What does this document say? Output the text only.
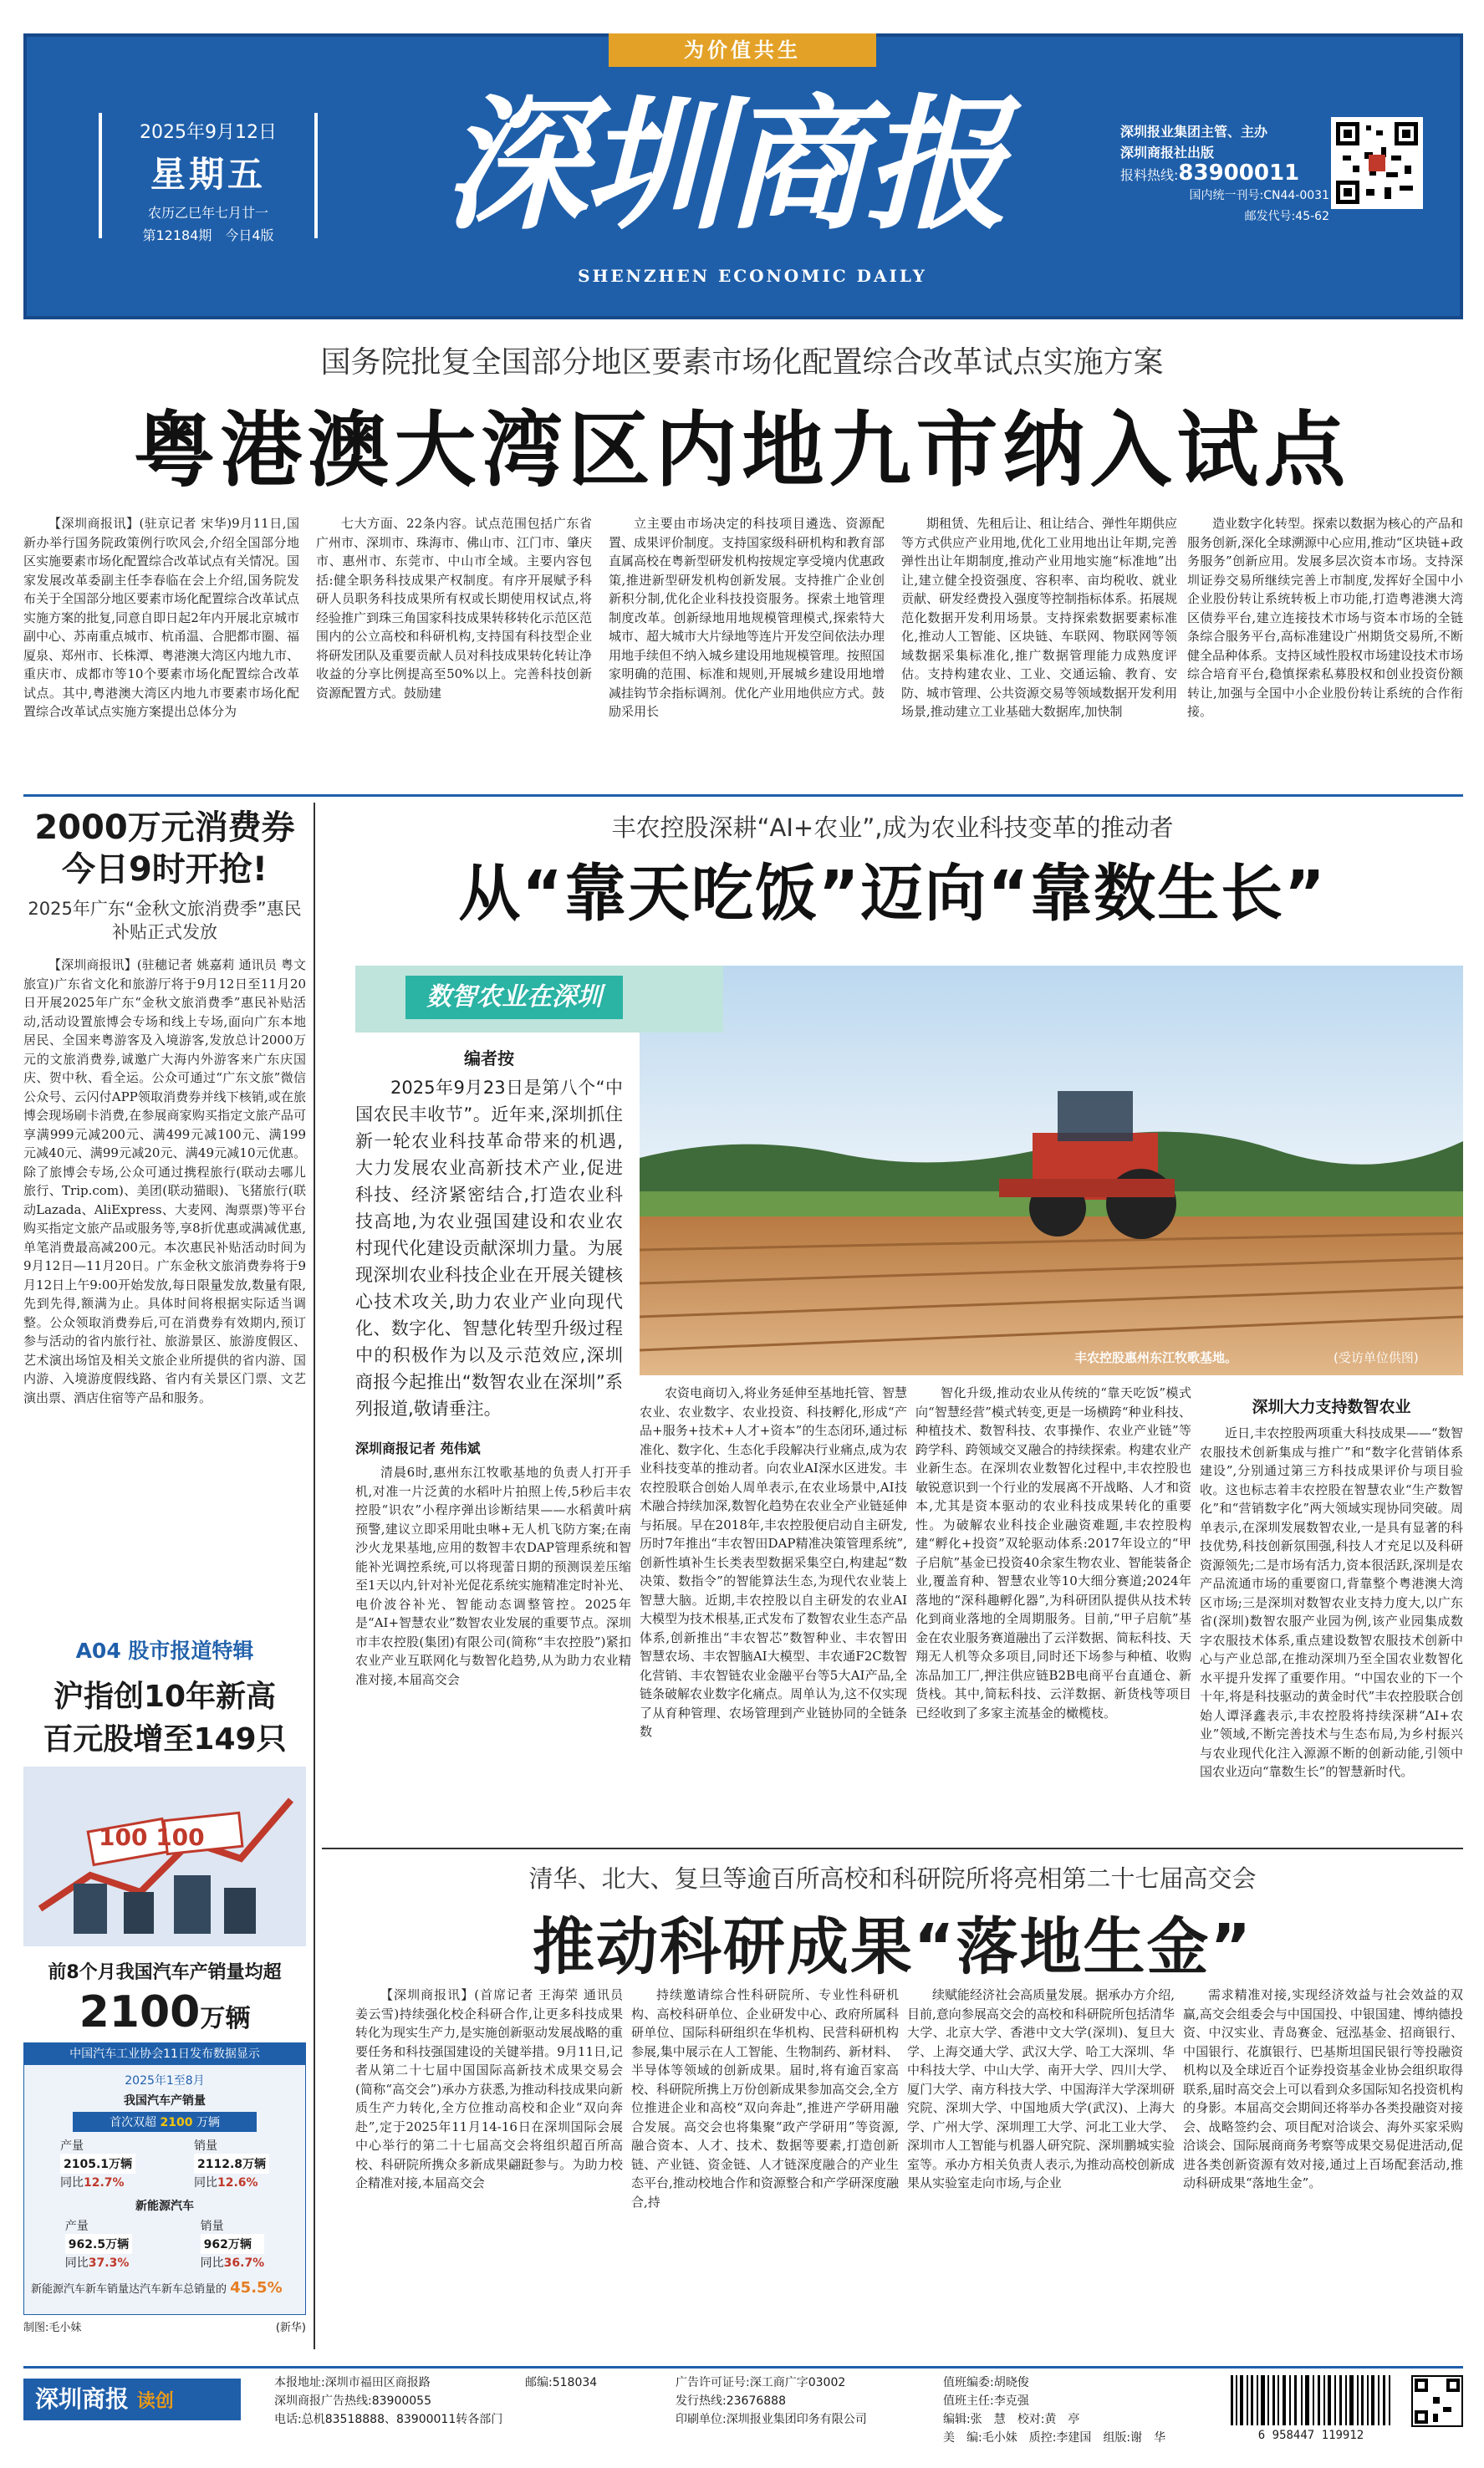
为价值共生
2025年9月12日
星期五
农历乙巳年七月廿一
第12184期　今日4版 深圳商报
SHENZHEN ECONOMIC DAILY
深圳报业集团主管、主办
深圳商报社出版
报料热线:83900011
国内统一刊号:CN44-0031
邮发代号:45-62
国务院批复全国部分地区要素市场化配置综合改革试点实施方案
粤港澳大湾区内地九市纳入试点

【深圳商报讯】(驻京记者 宋华)9月11日,国新办举行国务院政策例行吹风会,介绍全国部分地区实施要素市场化配置综合改革试点有关情况。国家发展改革委副主任李春临在会上介绍,国务院发布关于全国部分地区要素市场化配置综合改革试点实施方案的批复,同意自即日起2年内开展北京城市副中心、苏南重点城市、杭甬温、合肥都市圈、福厦泉、郑州市、长株潭、粤港澳大湾区内地九市、重庆市、成都市等10个要素市场化配置综合改革试点。其中,粤港澳大湾区内地九市要素市场化配置综合改革试点实施方案提出总体分为

七大方面、22条内容。试点范围包括广东省广州市、深圳市、珠海市、佛山市、江门市、肇庆市、惠州市、东莞市、中山市全域。主要内容包括:健全职务科技成果产权制度。有序开展赋予科研人员职务科技成果所有权或长期使用权试点,将经验推广到珠三角国家科技成果转移转化示范区范围内的公立高校和科研机构,支持国有科技型企业将研发团队及重要贡献人员对科技成果转化转让净收益的分享比例提高至50%以上。完善科技创新资源配置方式。鼓励建

立主要由市场决定的科技项目遴选、资源配置、成果评价制度。支持国家级科研机构和教育部直属高校在粤新型研发机构按规定享受境内优惠政策,推进新型研发机构创新发展。支持推广企业创新积分制,优化企业科技投资服务。探索土地管理制度改革。创新绿地用地规模管理模式,探索特大城市、超大城市大片绿地等连片开发空间依法办理用地手续但不纳入城乡建设用地规模管理。按照国家明确的范围、标准和规则,开展城乡建设用地增减挂钩节余指标调剂。优化产业用地供应方式。鼓励采用长

期租赁、先租后让、租让结合、弹性年期供应等方式供应产业用地,优化工业用地出让年期,完善弹性出让年期制度,推动产业用地实施“标准地”出让,建立健全投资强度、容积率、亩均税收、就业贡献、研发经费投入强度等控制指标体系。拓展规范化数据开发利用场景。支持探索数据要素标准化,推动人工智能、区块链、车联网、物联网等领域数据采集标准化,推广数据管理能力成熟度评估。支持构建农业、工业、交通运输、教育、安防、城市管理、公共资源交易等领域数据开发利用场景,推动建立工业基础大数据库,加快制

造业数字化转型。探索以数据为核心的产品和服务创新,深化全球溯源中心应用,推动“区块链+政务服务”创新应用。发展多层次资本市场。支持深圳证券交易所继续完善上市制度,发挥好全国中小企业股份转让系统转板上市功能,打造粤港澳大湾区债券平台,建立连接技术市场与资本市场的全链条综合服务平台,高标准建设广州期货交易所,不断健全品种体系。支持区域性股权市场建设技术市场综合培育平台,稳慎探索私募股权和创业投资份额转让,加强与全国中小企业股份转让系统的合作衔接。

2000万元消费券
今日9时开抢!
2025年广东“金秋文旅消费季”惠民补贴正式发放

【深圳商报讯】(驻穗记者 姚嘉莉 通讯员 粤文旅宣)广东省文化和旅游厅将于9月12日至11月20日开展2025年广东“金秋文旅消费季”惠民补贴活动,活动设置旅博会专场和线上专场,面向广东本地居民、全国来粤游客及入境游客,发放总计2000万元的文旅消费券,诚邀广大海内外游客来广东庆国庆、贺中秋、看全运。公众可通过“广东文旅”微信公众号、云闪付APP领取消费券并线下核销,或在旅博会现场刷卡消费,在参展商家购买指定文旅产品可享满999元减200元、满499元减100元、满199元减40元、满99元减20元、满49元减10元优惠。除了旅博会专场,公众可通过携程旅行(联动去哪儿旅行、Trip.com)、美团(联动猫眼)、飞猪旅行(联动Lazada、AliExpress、大麦网、淘票票)等平台购买指定文旅产品或服务等,享8折优惠或满减优惠,单笔消费最高减200元。本次惠民补贴活动时间为9月12日—11月20日。广东金秋文旅消费券将于9月12日上午9:00开始发放,每日限量发放,数量有限,先到先得,额满为止。具体时间将根据实际适当调整。公众领取消费券后,可在消费券有效期内,预订参与活动的省内旅行社、旅游景区、旅游度假区、艺术演出场馆及相关文旅企业所提供的省内游、国内游、入境游度假线路、省内有关景区门票、文艺演出票、酒店住宿等产品和服务。

A04 股市报道特辑
沪指创10年新高
百元股增至149只
100 100
前8个月我国汽车产销量均超
2100万辆
中国汽车工业协会11日发布数据显示
2025年1至8月
我国汽车产销量
首次双超 2100 万辆
产量
2105.1万辆
同比12.7%
销量
2112.8万辆
同比12.6%
新能源汽车
产量
962.5万辆
同比37.3%
销量
962万辆
同比36.7%
新能源汽车新车销量达汽车新车总销量的 45.5%
制图:毛小妹	(新华)
丰农控股深耕“AI+农业”,成为农业科技变革的推动者
从“靠天吃饭”迈向“靠数生长”
丰农控股惠州东江牧歌基地。	(受访单位供图)
数智农业在深圳
编者按

2025年9月23日是第八个“中国农民丰收节”。近年来,深圳抓住新一轮农业科技革命带来的机遇,大力发展农业高新技术产业,促进科技、经济紧密结合,打造农业科技高地,为农业强国建设和农业农村现代化建设贡献深圳力量。为展现深圳农业科技企业在开展关键核心技术攻关,助力农业产业向现代化、数字化、智慧化转型升级过程中的积极作为以及示范效应,深圳商报今起推出“数智农业在深圳”系列报道,敬请垂注。

深圳商报记者 苑伟斌

清晨6时,惠州东江牧歌基地的负责人打开手机,对准一片泛黄的水稻叶片拍照上传,5秒后丰农控股“识农”小程序弹出诊断结果——水稻黄叶病预警,建议立即采用吡虫啉+无人机飞防方案;在南沙火龙果基地,应用的数智丰农DAP管理系统和智能补光调控系统,可以将现蕾日期的预测误差压缩至1天以内,针对补光促花系统实施精准定时补光、电价波谷补光、智能动态调整管控。2025年是“AI+智慧农业”数智农业发展的重要节点。深圳市丰农控股(集团)有限公司(简称“丰农控股”)紧扣农业产业互联网化与数智化趋势,从为助力农业精准对接,本届高交会

农资电商切入,将业务延伸至基地托管、智慧农业、农业数字、农业投资、科技孵化,形成“产品+服务+技术+人才+资本”的生态闭环,通过标准化、数字化、生态化手段解决行业痛点,成为农业科技变革的推动者。向农业AI深水区进发。丰农控股联合创始人周单表示,在农业场景中,AI技术融合持续加深,数智化趋势在农业全产业链延伸与拓展。早在2018年,丰农控股便启动自主研发,历时7年推出“丰农智田DAP精准决策管理系统”,创新性填补生长类表型数据采集空白,构建起“数决策、数指令”的智能算法生态,为现代农业装上智慧大脑。近期,丰农控股以自主研发的农业AI大模型为技术根基,正式发布了数智农业生态产品体系,创新推出“丰农智芯”数智种业、丰农智田智慧农场、丰农智脑AI大模型、丰农通F2C数智化营销、丰农智链农业金融平台等5大AI产品,全链条破解农业数字化痛点。周单认为,这不仅实现了从育种管理、农场管理到产业链协同的全链条数

智化升级,推动农业从传统的“靠天吃饭”模式向“智慧经营”模式转变,更是一场横跨“种业科技、种植技术、数智科技、农事操作、农业产业链”等跨学科、跨领域交叉融合的持续探索。构建农业产业新生态。在深圳农业数智化过程中,丰农控股也敏锐意识到一个行业的发展离不开战略、人才和资本,尤其是资本驱动的农业科技成果转化的重要性。为破解农业科技企业融资难题,丰农控股构建“孵化+投资”双轮驱动体系:2017年设立的“甲子启航”基金已投资40余家生物农业、智能装备企业,覆盖育种、智慧农业等10大细分赛道;2024年落地的“深科趣孵化器”,为科研团队提供从技术转化到商业落地的全周期服务。目前,“甲子启航”基金在农业服务赛道融出了云洋数据、简耘科技、天翔无人机等众多项目,同时还下场参与种植、收购冻品加工厂,押注供应链B2B电商平台直通仓、新货栈。其中,简耘科技、云洋数据、新货栈等项目已经收到了多家主流基金的橄榄枝。

深圳大力支持数智农业

近日,丰农控股两项重大科技成果——“数智农服技术创新集成与推广”和“数字化营销体系建设”,分别通过第三方科技成果评价与项目验收。这也标志着丰农控股在智慧农业“生产数智化”和“营销数字化”两大领域实现协同突破。周单表示,在深圳发展数智农业,一是具有显著的科技优势,科技创新氛围强,科技人才充足以及科研资源领先;二是市场有活力,资本很活跃,深圳是农产品流通市场的重要窗口,背靠整个粤港澳大湾区市场;三是深圳对数智农业支持力度大,以广东省(深圳)数智农服产业园为例,该产业园集成数字农服技术体系,重点建设数智农服技术创新中心与产业总部,在推动深圳乃至全国农业数智化水平提升发挥了重要作用。“中国农业的下一个十年,将是科技驱动的黄金时代”丰农控股联合创始人谭泽鑫表示,丰农控股将持续深耕“AI+农业”领域,不断完善技术与生态布局,为乡村振兴与农业现代化注入源源不断的创新动能,引领中国农业迈向“靠数生长”的智慧新时代。

清华、北大、复旦等逾百所高校和科研院所将亮相第二十七届高交会
推动科研成果“落地生金”

【深圳商报讯】(首席记者 王海荣 通讯员 姜云雪)持续强化校企科研合作,让更多科技成果转化为现实生产力,是实施创新驱动发展战略的重要任务和科技强国建设的关键举措。9月11日,记者从第二十七届中国国际高新技术成果交易会(简称“高交会”)承办方获悉,为推动科技成果向新质生产力转化,全方位推动高校和企业“双向奔赴”,定于2025年11月14-16日在深圳国际会展中心举行的第二十七届高交会将组织超百所高校、科研院所携众多新成果翩跹参与。为助力校企精准对接,本届高交会

持续邀请综合性科研院所、专业性科研机构、高校科研单位、企业研发中心、政府所属科研单位、国际科研组织在华机构、民营科研机构参展,集中展示在人工智能、生物制药、新材料、半导体等领域的创新成果。届时,将有逾百家高校、科研院所携上万份创新成果参加高交会,全方位推进企业和高校“双向奔赴”,推进产学研用融合发展。高交会也将集聚“政产学研用”等资源,融合资本、人才、技术、数据等要素,打造创新链、产业链、资金链、人才链深度融合的产业生态平台,推动校地合作和资源整合和产学研深度融合,持

续赋能经济社会高质量发展。据承办方介绍,目前,意向参展高交会的高校和科研院所包括清华大学、北京大学、香港中文大学(深圳)、复旦大学、上海交通大学、武汉大学、哈工大深圳、华中科技大学、中山大学、南开大学、四川大学、厦门大学、南方科技大学、中国海洋大学深圳研究院、深圳大学、中国地质大学(武汉)、上海大学、广州大学、深圳理工大学、河北工业大学、深圳市人工智能与机器人研究院、深圳鹏城实验室等。承办方相关负责人表示,为推动高校创新成果从实验室走向市场,与企业

需求精准对接,实现经济效益与社会效益的双赢,高交会组委会与中国国投、中银国建、博纳德投资、中汉实业、青岛赛金、冠泓基金、招商银行、中国银行、花旗银行、巴基斯坦国民银行等投融资机构以及全球近百个证券投资基金业协会组织取得联系,届时高交会上可以看到众多国际知名投资机构的身影。本届高交会期间还将举办各类投融资对接会、战略签约会、项目配对洽谈会、海外买家采购洽谈会、国际展商商务考察等成果交易促进活动,促进各类创新资源有效对接,通过上百场配套活动,推动科研成果“落地生金”。

深圳商报 读创
本报地址:深圳市福田区商报路
深圳商报广告热线:83900055
电话:总机83518888、83900011转各部门
邮编:518034	广告许可证号:深工商广字03002
发行热线:23676888
印刷单位:深圳报业集团印务有限公司
值班编委:胡晓俊
值班主任:李克强
编辑:张　慧　校对:黄　亭
美　编:毛小妹　 质控:李建国　 组版:谢　华	6 958447 119912
